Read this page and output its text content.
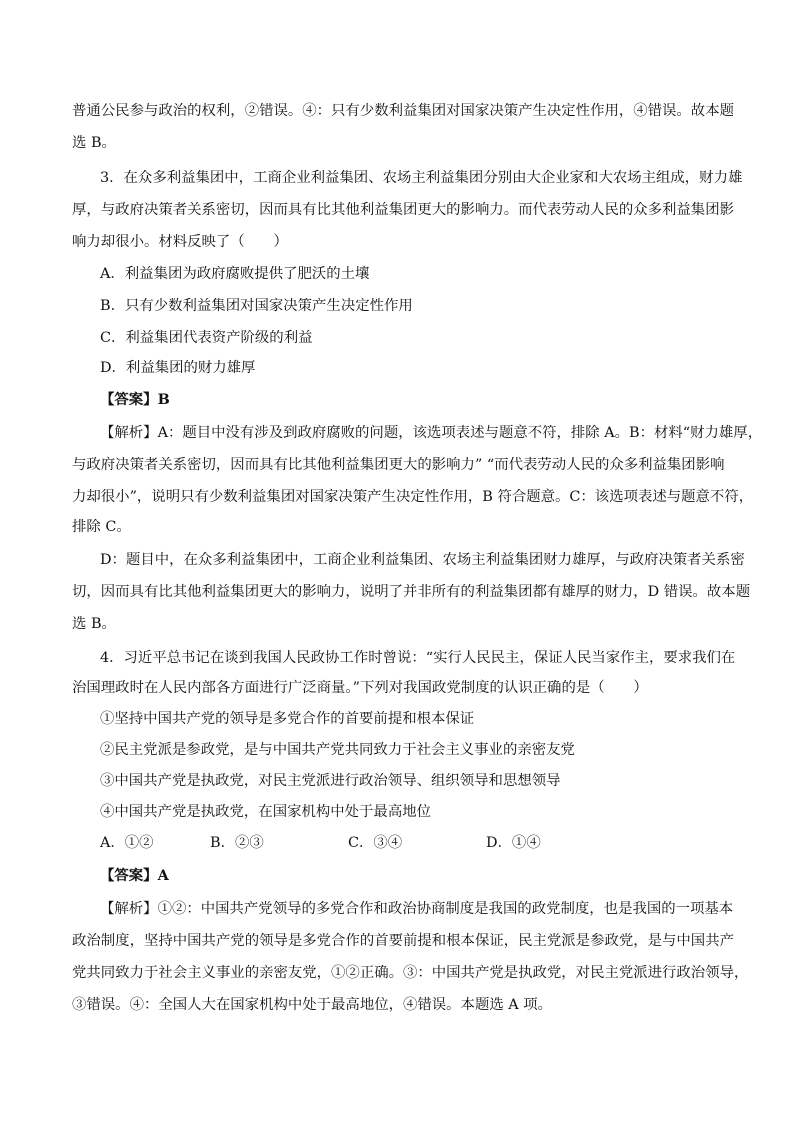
普通公民参与政治的权利，②错误。④：只有少数利益集团对国家决策产生决定性作用，④错误。故本题
选 B。
3．在众多利益集团中，工商企业利益集团、农场主利益集团分别由大企业家和大农场主组成，财力雄
厚，与政府决策者关系密切，因而具有比其他利益集团更大的影响力。而代表劳动人民的众多利益集团影
响力却很小。材料反映了（　　）
A．利益集团为政府腐败提供了肥沃的土壤
B．只有少数利益集团对国家决策产生决定性作用
C．利益集团代表资产阶级的利益
D．利益集团的财力雄厚
【答案】B
【解析】A：题目中没有涉及到政府腐败的问题，该选项表述与题意不符，排除 A。B：材料“财力雄厚，
与政府决策者关系密切，因而具有比其他利益集团更大的影响力” “而代表劳动人民的众多利益集团影响
力却很小”，说明只有少数利益集团对国家决策产生决定性作用，B 符合题意。C：该选项表述与题意不符，
排除 C。
D：题目中，在众多利益集团中，工商企业利益集团、农场主利益集团财力雄厚，与政府决策者关系密
切，因而具有比其他利益集团更大的影响力，说明了并非所有的利益集团都有雄厚的财力，D 错误。故本题
选 B。
4．习近平总书记在谈到我国人民政协工作时曾说：“实行人民民主，保证人民当家作主，要求我们在
治国理政时在人民内部各方面进行广泛商量。”下列对我国政党制度的认识正确的是（　　）
①坚持中国共产党的领导是多党合作的首要前提和根本保证
②民主党派是参政党，是与中国共产党共同致力于社会主义事业的亲密友党
③中国共产党是执政党，对民主党派进行政治领导、组织领导和思想领导
④中国共产党是执政党，在国家机构中处于最高地位
A．①②	B．②③	C．③④	D．①④
【答案】A
【解析】①②：中国共产党领导的多党合作和政治协商制度是我国的政党制度，也是我国的一项基本
政治制度，坚持中国共产党的领导是多党合作的首要前提和根本保证，民主党派是参政党，是与中国共产
党共同致力于社会主义事业的亲密友党，①②正确。③：中国共产党是执政党，对民主党派进行政治领导，
③错误。④：全国人大在国家机构中处于最高地位，④错误。本题选 A 项。
